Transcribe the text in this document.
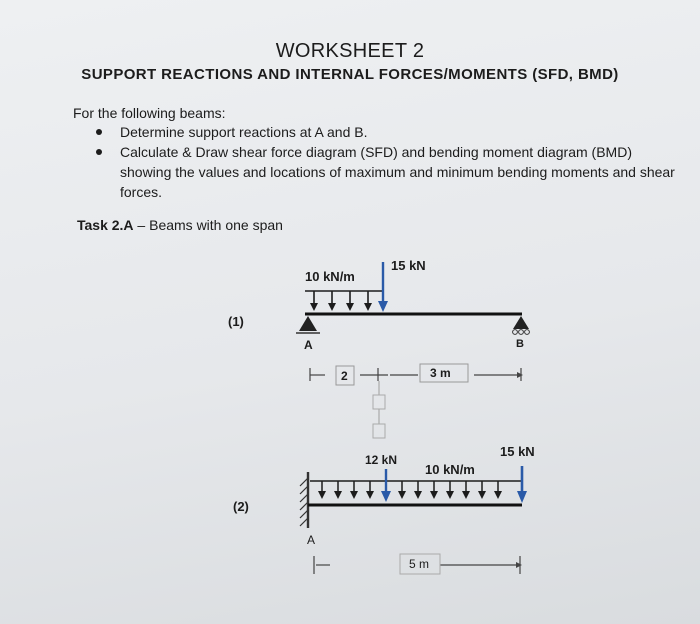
WORKSHEET 2
SUPPORT REACTIONS AND INTERNAL FORCES/MOMENTS (SFD, BMD)
For the following beams:
Determine support reactions at A and B.
Calculate & Draw shear force diagram (SFD) and bending moment diagram (BMD) showing the values and locations of maximum and minimum bending moments and shear forces.
Task 2.A – Beams with one span
(1)
10 kN/m
15 kN
A	B
2	3 m
(2)
10 kN/m
12 kN
15 kN
A
5 m
